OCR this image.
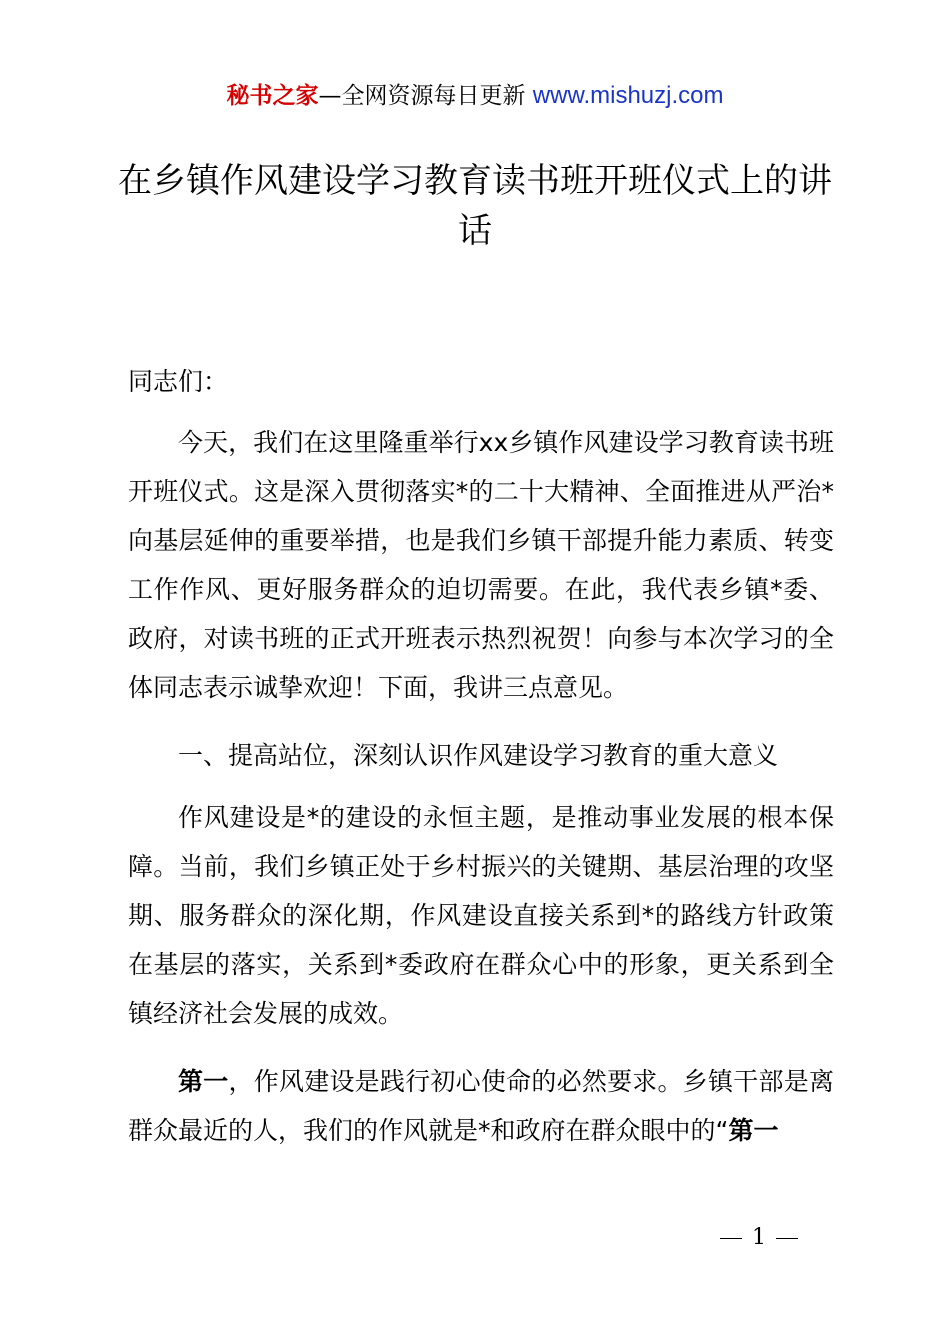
秘书之家—全网资源每日更新 www.mishuzj.com
在乡镇作风建设学习教育读书班开班仪式上的讲话
同志们：
今天，我们在这里隆重举行xx乡镇作风建设学习教育读书班开班仪式。这是深入贯彻落实*的二十大精神、全面推进从严治*向基层延伸的重要举措，也是我们乡镇干部提升能力素质、转变工作作风、更好服务群众的迫切需要。在此，我代表乡镇*委、政府，对读书班的正式开班表示热烈祝贺！向参与本次学习的全体同志表示诚挚欢迎！下面，我讲三点意见。
一、提高站位，深刻认识作风建设学习教育的重大意义
作风建设是*的建设的永恒主题，是推动事业发展的根本保障。当前，我们乡镇正处于乡村振兴的关键期、基层治理的攻坚期、服务群众的深化期，作风建设直接关系到*的路线方针政策在基层的落实，关系到*委政府在群众心中的形象，更关系到全镇经济社会发展的成效。
第一，作风建设是践行初心使命的必然要求。乡镇干部是离群众最近的人，我们的作风就是*和政府在群众眼中的“第一
1
